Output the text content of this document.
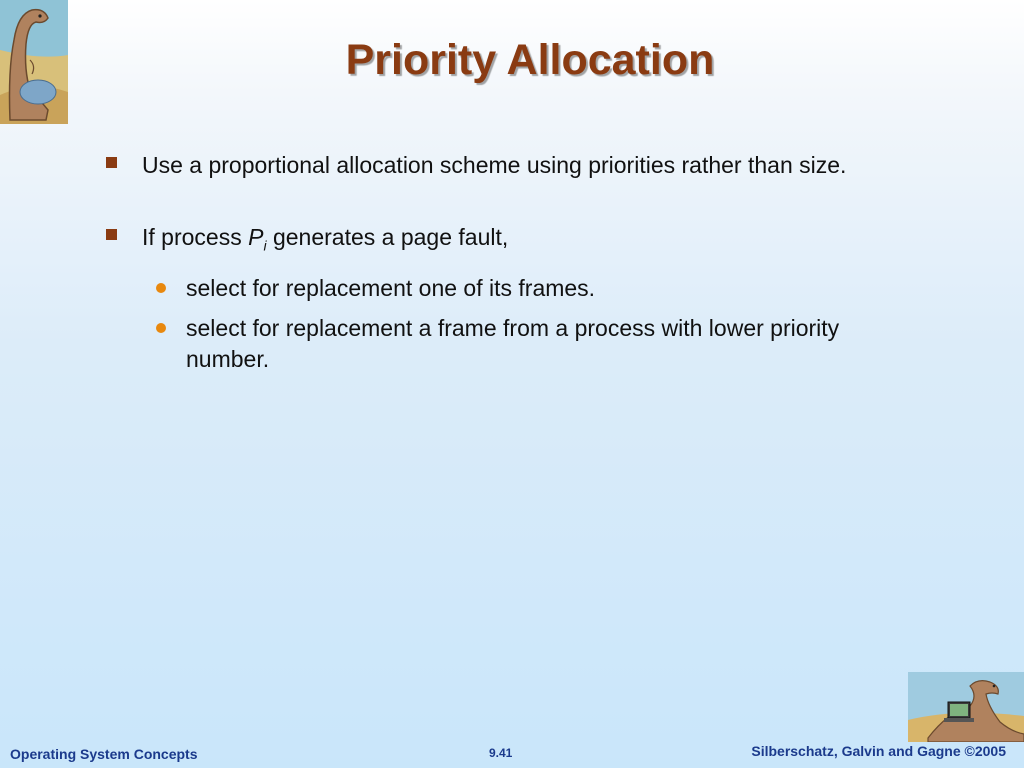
Priority Allocation
Use a proportional allocation scheme using priorities rather than size.
If process $P_i$ generates a page fault,
select for replacement one of its frames.
select for replacement a frame from a process with lower priority number.
Operating System Concepts	9.41	Silberschatz, Galvin and Gagne ©2005
